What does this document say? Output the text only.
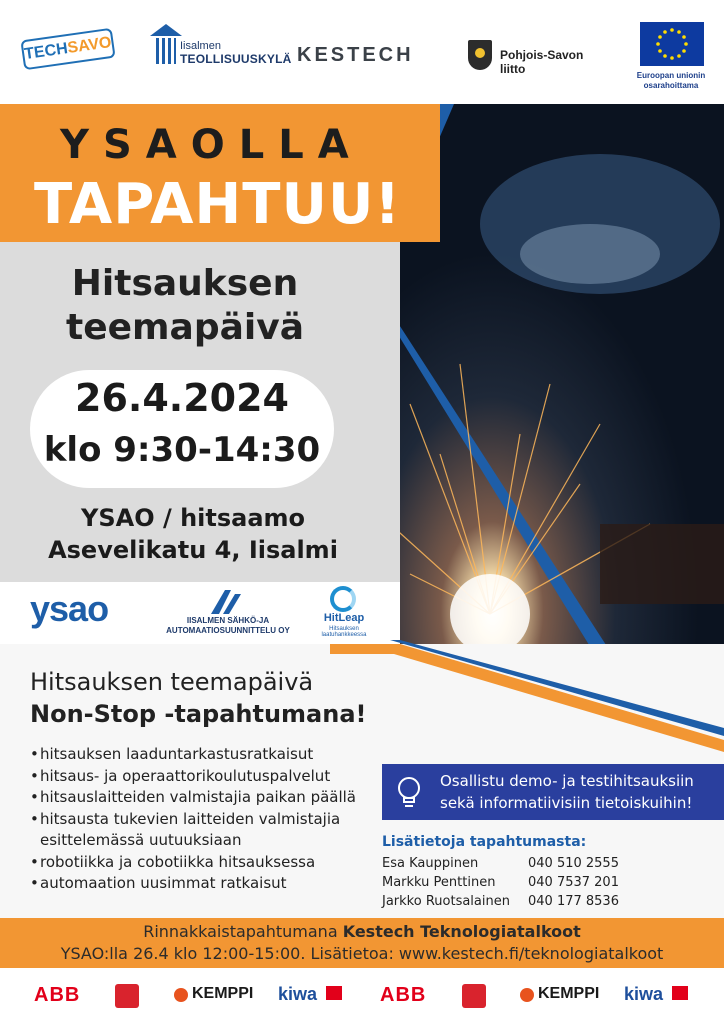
TECHSAVO	Iisalmen
TEOLLISUUSKYLÄ KESTECH	Pohjois-Savon liitto	Euroopan unionin
osarahoittama
YSAOLLA
TAPAHTUU!
Hitsauksen
teemapäivä
26.4.2024
klo 9:30-14:30
YSAO / hitsaamo
Asevelikatu 4, Iisalmi
ysao	IISALMEN SÄHKÖ-JA
AUTOMAATIOSUUNNITTELU OY
HitLeap
Hitsauksen laatuhankkeessa
Hitsauksen teemapäivä
Non-Stop -tapahtumana!
•hitsauksen laaduntarkastusratkaisut
•hitsaus- ja operaattorikoulutuspalvelut
•hitsauslaitteiden valmistajia paikan päällä
•hitsausta tukevien laitteiden valmistajia esittelemässä uutuuksiaan
•robotiikka ja cobotiikka hitsauksessa
•automaation uusimmat ratkaisut
Osallistu demo- ja testihitsauksiin
sekä informatiivisiin tietoiskuihin!
Lisätietoja tapahtumasta:
Esa Kauppinen	040 510 2555
Markku Penttinen	040 7537 201
Jarkko Ruotsalainen 040 177 8536
Rinnakkaistapahtumana Kestech Teknologiatalkoot
YSAO:lla 26.4 klo 12:00-15:00. Lisätietoa: www.kestech.fi/teknologiatalkoot
ABB	KEMPPI kiwa	ABB	KEMPPI kiwa
